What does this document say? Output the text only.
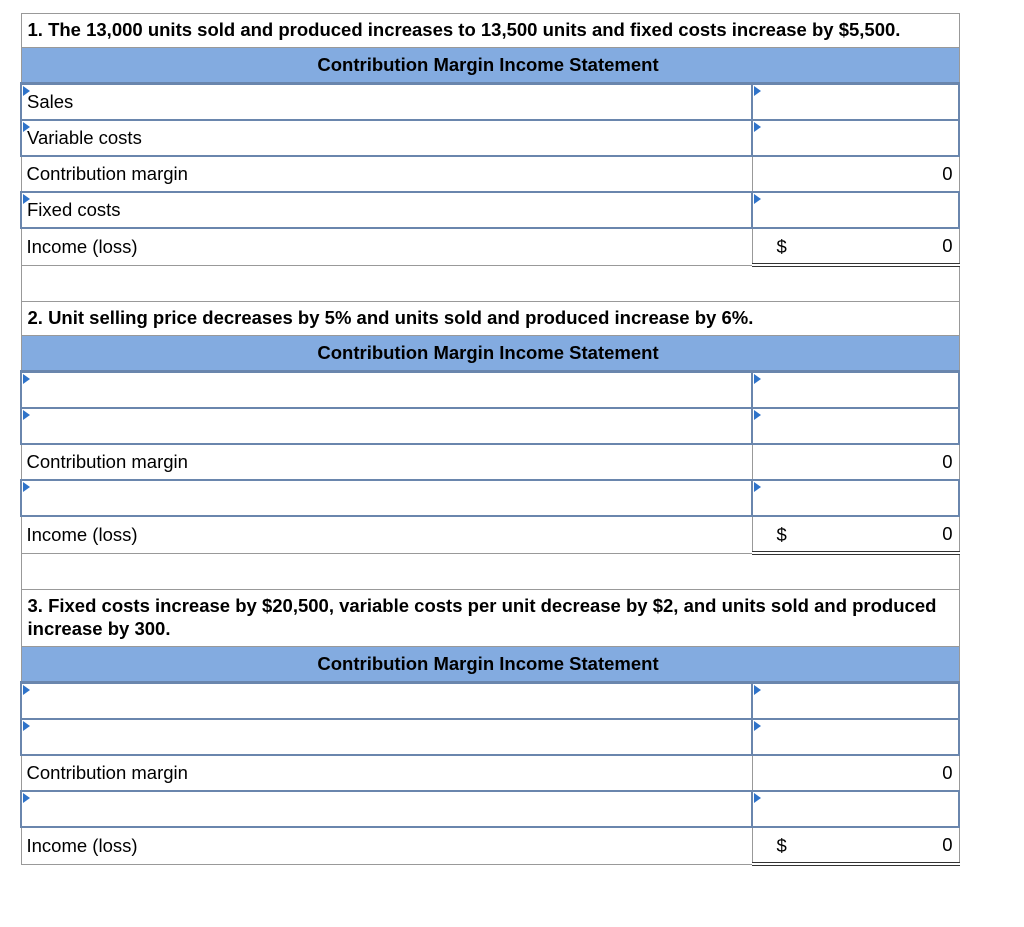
1. The 13,000 units sold and produced increases to 13,500 units and fixed costs increase by $5,500.	
Contribution Margin Income Statement	
Sales	
Variable costs	
Contribution margin	0
Fixed costs	
Income (loss)	$ 0

2. Unit selling price decreases by 5% and units sold and produced increase by 6%.	
Contribution Margin Income Statement	

Contribution margin	0

Income (loss)	$ 0

3. Fixed costs increase by $20,500, variable costs per unit decrease by $2, and units sold and produced increase by 300.	
Contribution Margin Income Statement	

Contribution margin	0

Income (loss)	$ 0
